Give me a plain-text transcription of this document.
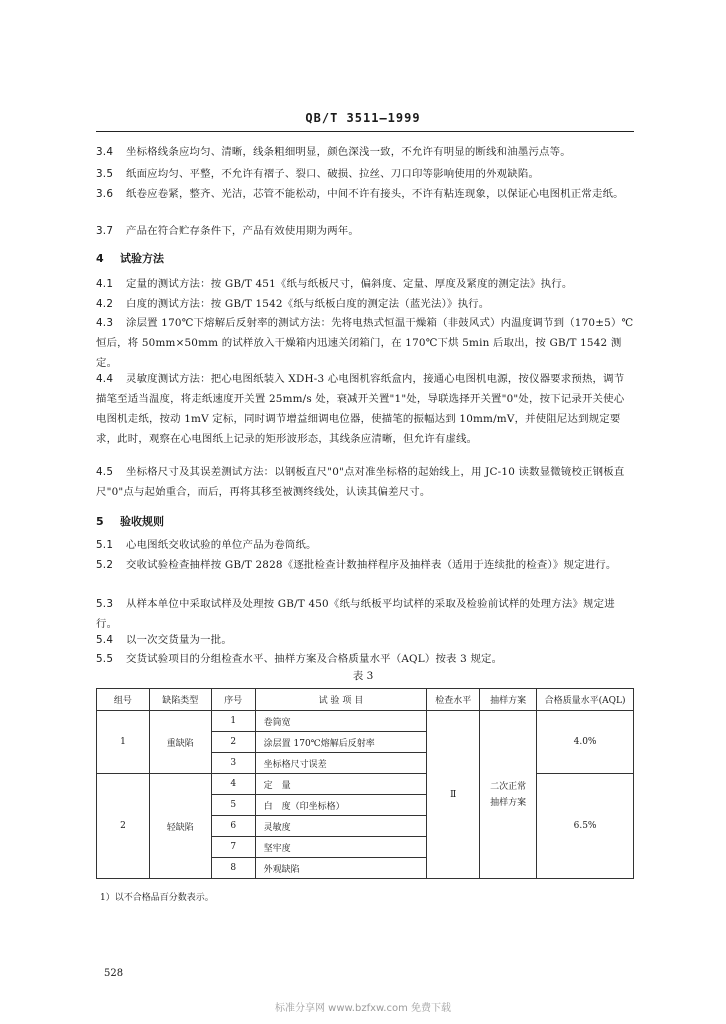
QB/T 3511—1999
3.4 坐标格线条应均匀、清晰，线条粗细明显，颜色深浅一致，不允许有明显的断线和油墨污点等。
3.5 纸面应均匀、平整，不允许有褶子、裂口、破损、拉丝、刀口印等影响使用的外观缺陷。
3.6 纸卷应卷紧，整齐、光洁，芯管不能松动，中间不许有接头，不许有粘连现象，以保证心电图机正常走纸。
3.7 产品在符合贮存条件下，产品有效使用期为两年。
4 试验方法
4.1 定量的测试方法：按 GB/T 451《纸与纸板尺寸，偏斜度、定量、厚度及紧度的测定法》执行。
4.2 白度的测试方法：按 GB/T 1542《纸与纸板白度的测定法（蓝光法）》执行。
4.3 涂层置 170℃下熔解后反射率的测试方法：先将电热式恒温干燥箱（非鼓风式）内温度调节到（170±5）℃恒后，将 50mm×50mm 的试样放入干燥箱内迅速关闭箱门，在 170℃下烘 5min 后取出，按 GB/T 1542 测定。
4.4 灵敏度测试方法：把心电图纸装入 XDH-3 心电图机容纸盒内，接通心电图机电源，按仪器要求预热，调节描笔至适当温度，将走纸速度开关置 25mm/s 处，衰减开关置"1"处，导联选择开关置"0"处，按下记录开关使心电图机走纸，按动 1mV 定标，同时调节增益细调电位器，使描笔的振幅达到 10mm/mV，并使阻尼达到规定要求，此时，观察在心电图纸上记录的矩形波形态，其线条应清晰，但允许有虚线。
4.5 坐标格尺寸及其误差测试方法：以钢板直尺"0"点对准坐标格的起始线上，用 JC-10 读数显微镜校正钢板直尺"0"点与起始重合，而后，再将其移至被测终线处，认读其偏差尺寸。
5 验收规则
5.1 心电图纸交收试验的单位产品为卷筒纸。
5.2 交收试验检查抽样按 GB/T 2828《逐批检查计数抽样程序及抽样表（适用于连续批的检查）》规定进行。
5.3 从样本单位中采取试样及处理按 GB/T 450《纸与纸板平均试样的采取及检验前试样的处理方法》规定进行。
5.4 以一次交货量为一批。
5.5 交货试验项目的分组检查水平、抽样方案及合格质量水平（AQL）按表 3 规定。
表 3
组号	缺陷类型	序号	试 验 项 目	检查水平	抽样方案	合格质量水平(AQL)
1	重缺陷	1	卷筒宽	Ⅱ	二次正常抽样方案	4.0%
		2	涂层置 170℃熔解后反射率			
		3	坐标格尺寸误差			
2	轻缺陷	4	定　量			6.5%
		5	白　度（印坐标格）			
		6	灵敏度			
		7	坚牢度			
		8	外观缺陷			
1）以不合格品百分数表示。
528
标准分享网 www.bzfxw.com 免费下载
